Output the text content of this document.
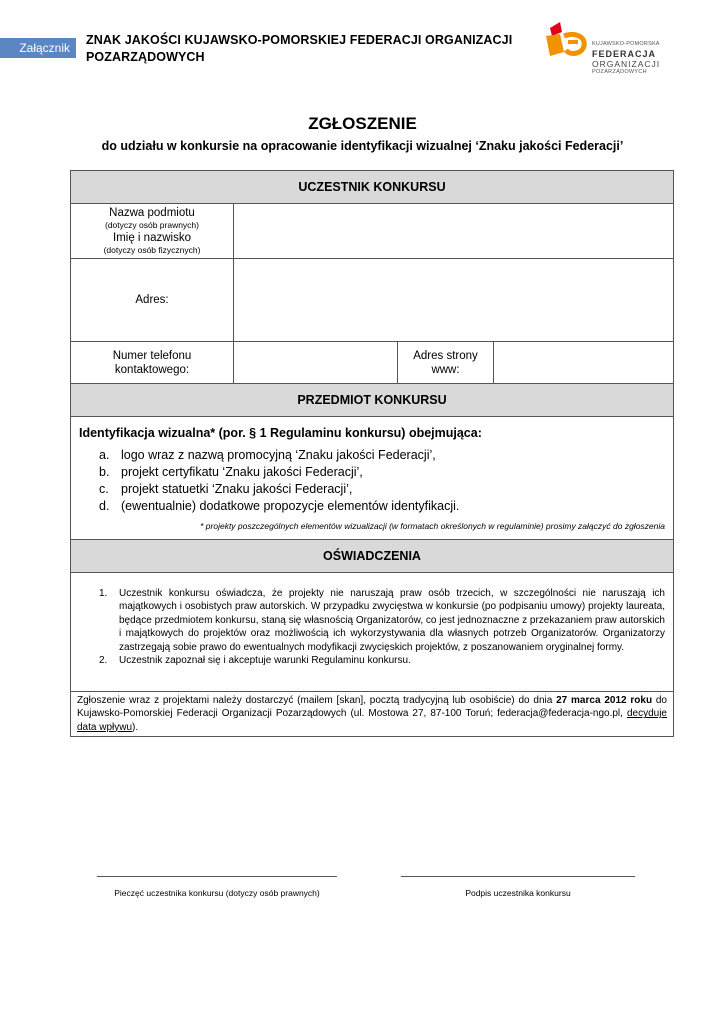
Załącznik
ZNAK JAKOŚCI KUJAWSKO-POMORSKIEJ FEDERACJI ORGANIZACJI
POZARZĄDOWYCH
KUJAWSKO-POMORSKA
FEDERACJA
ORGANIZACJI
POZARZĄDOWYCH
ZGŁOSZENIE
do udziału w konkursie na opracowanie identyfikacji wizualnej ‘Znaku jakości Federacji’
UCZESTNIK KONKURSU
Nazwa podmiotu
(dotyczy osób prawnych)
Imię i nazwisko
(dotyczy osób fizycznych)
Adres:
Numer telefonu
kontaktowego:
Adres strony
www:
PRZEDMIOT KONKURSU
Identyfikacja wizualna* (por. § 1 Regulaminu konkursu) obejmująca:
a. logo wraz z nazwą promocyjną ‘Znaku jakości Federacji’,
b. projekt certyfikatu ‘Znaku jakości Federacji’,
c. projekt statuetki ‘Znaku jakości Federacji’,
d. (ewentualnie) dodatkowe propozycje elementów identyfikacji.
* projekty poszczególnych elementów wizualizacji (w formatach określonych w regulaminie) prosimy załączyć do zgłoszenia
OŚWIADCZENIA
1.	Uczestnik konkursu oświadcza, że projekty nie naruszają praw osób trzecich, w szczególności nie naruszają ich majątkowych i osobistych praw autorskich. W przypadku zwycięstwa w konkursie (po podpisaniu umowy) projekty laureata, będące przedmiotem konkursu, staną się własnością Organizatorów, co jest jednoznaczne z przekazaniem praw autorskich i majątkowych do projektów oraz możliwością ich wykorzystywania dla własnych potrzeb Organizatorów. Organizatorzy zastrzegają sobie prawo do ewentualnych modyfikacji zwycięskich projektów, z poszanowaniem oryginalnej formy.
2.	Uczestnik zapoznał się i akceptuje warunki Regulaminu konkursu.
Zgłoszenie wraz z projektami należy dostarczyć (mailem [skan], pocztą tradycyjną lub osobiście) do dnia 27 marca 2012 roku do Kujawsko-Pomorskiej Federacji Organizacji Pozarządowych (ul. Mostowa 27, 87-100 Toruń; federacja@federacja-ngo.pl, decyduje data wpływu).
Pieczęć uczestnika konkursu (dotyczy osób prawnych)	Podpis uczestnika konkursu
